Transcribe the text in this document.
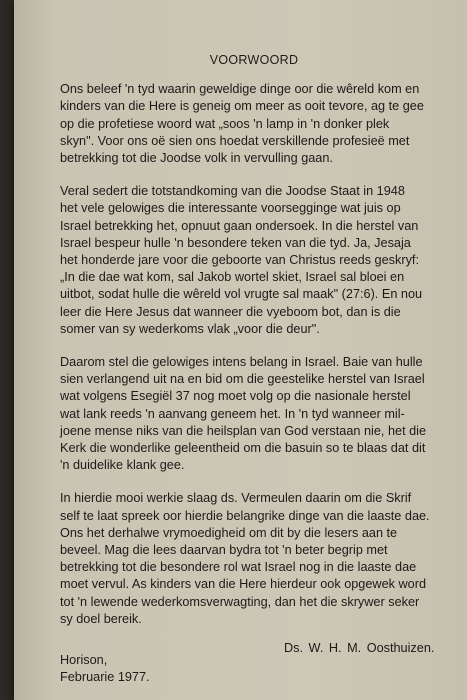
VOORWOORD
Ons beleef 'n tyd waarin geweldige dinge oor die wêreld kom en
kinders van die Here is geneig om meer as ooit tevore, ag te gee
op die profetiese woord wat „soos 'n lamp in 'n donker plek
skyn". Voor ons oë sien ons hoedat verskillende profesieë met
betrekking tot die Joodse volk in vervulling gaan.
Veral sedert die totstandkoming van die Joodse Staat in 1948
het vele gelowiges die interessante voorsegginge wat juis op
Israel betrekking het, opnuut gaan ondersoek. In die herstel van
Israel bespeur hulle 'n besondere teken van die tyd. Ja, Jesaja
het honderde jare voor die geboorte van Christus reeds geskryf:
„In die dae wat kom, sal Jakob wortel skiet, Israel sal bloei en
uitbot, sodat hulle die wêreld vol vrugte sal maak" (27:6). En nou
leer die Here Jesus dat wanneer die vyeboom bot, dan is die
somer van sy wederkoms vlak „voor die deur".
Daarom stel die gelowiges intens belang in Israel. Baie van hulle
sien verlangend uit na en bid om die geestelike herstel van Israel
wat volgens Esegiël 37 nog moet volg op die nasionale herstel
wat lank reeds 'n aanvang geneem het. In 'n tyd wanneer mil-
joene mense niks van die heilsplan van God verstaan nie, het die
Kerk die wonderlike geleentheid om die basuin so te blaas dat dit
'n duidelike klank gee.
In hierdie mooi werkie slaag ds. Vermeulen daarin om die Skrif
self te laat spreek oor hierdie belangrike dinge van die laaste dae.
Ons het derhalwe vrymoedigheid om dit by die lesers aan te
beveel. Mag die lees daarvan bydra tot 'n beter begrip met
betrekking tot die besondere rol wat Israel nog in die laaste dae
moet vervul. As kinders van die Here hierdeur ook opgewek word
tot 'n lewende wederkomsverwagting, dan het die skrywer seker
sy doel bereik.
Horison,
Februarie 1977.
Ds. W. H. M. Oosthuizen.
